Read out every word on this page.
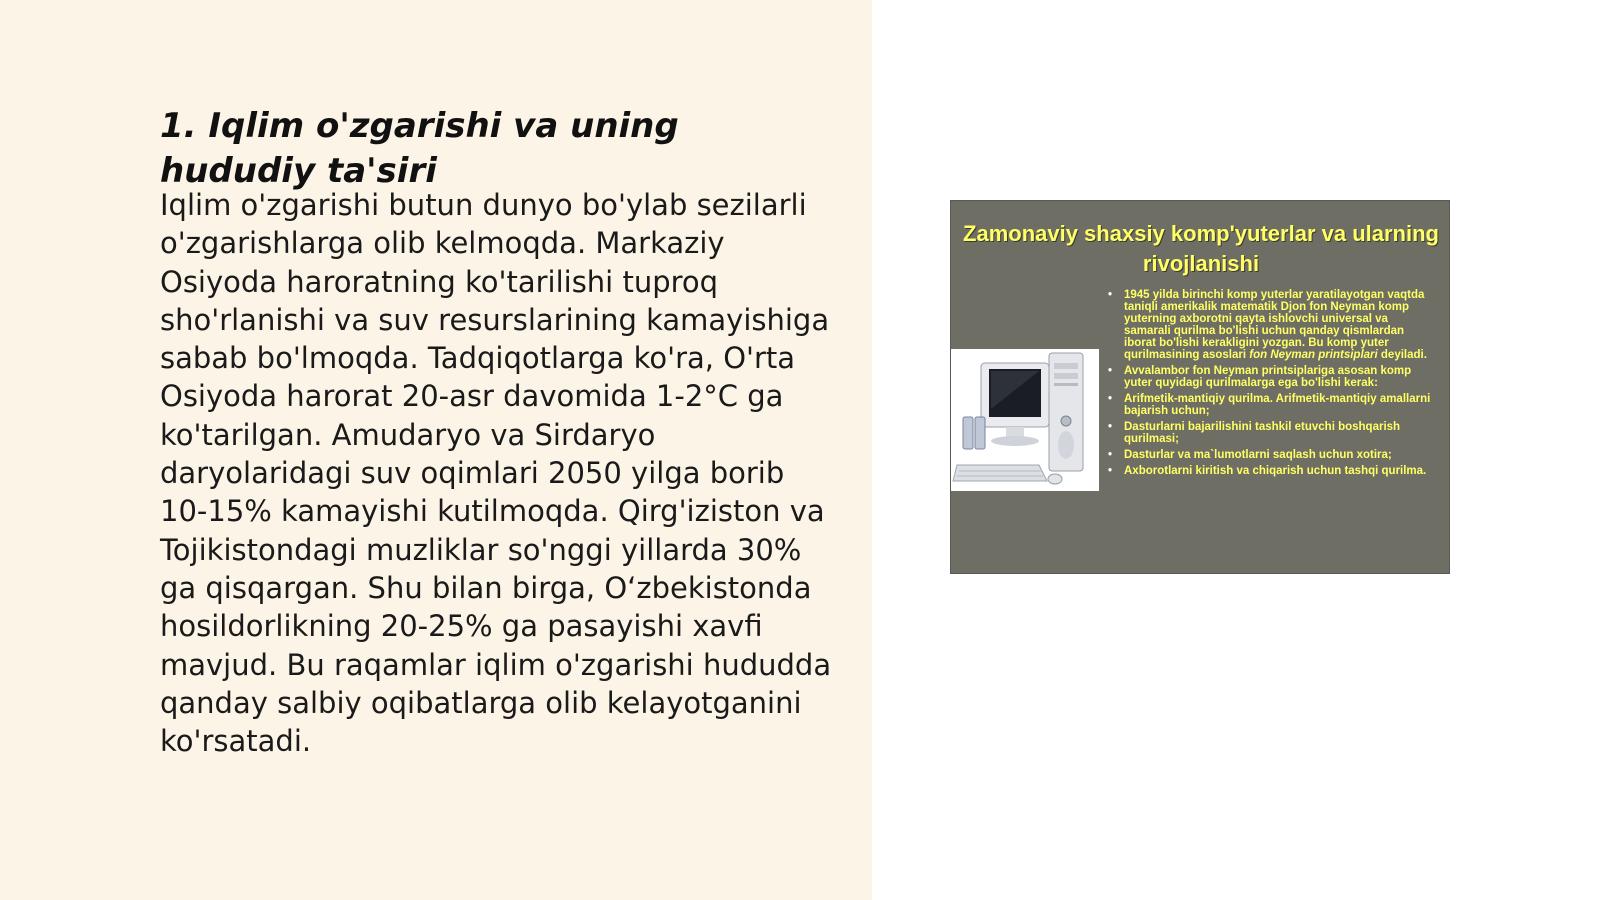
1. Iqlim o'zgarishi va uning hududiy ta'siri

Iqlim o'zgarishi butun dunyo bo'ylab sezilarli o'zgarishlarga olib kelmoqda. Markaziy Osiyoda haroratning ko'tarilishi tuproq sho'rlanishi va suv resurslarining kamayishiga sabab bo'lmoqda. Tadqiqotlarga ko'ra, O'rta Osiyoda harorat 20-asr davomida 1-2°C ga ko'tarilgan. Amudaryo va Sirdaryo daryolaridagi suv oqimlari 2050 yilga borib 10-15% kamayishi kutilmoqda. Qirg'iziston va Tojikistondagi muzliklar so'nggi yillarda 30% ga qisqargan. Shu bilan birga, O‘zbekistonda hosildorlikning 20-25% ga pasayishi xavfi mavjud. Bu raqamlar iqlim o'zgarishi hududda qanday salbiy oqibatlarga olib kelayotganini ko'rsatadi.

Zamonaviy shaxsiy komp'yuterlar va ularning rivojlanishi
• 1945 yilda birinchi komp yuterlar yaratilayotgan vaqtda taniqli amerikalik matematik Djon fon Neyman komp yuterning axborotni qayta ishlovchi universal va samarali qurilma bo'lishi uchun qanday qismlardan iborat bo'lishi kerakligini yozgan. Bu komp yuter qurilmasining asoslari fon Neyman printsiplari deyiladi.
• Avvalambor fon Neyman printsiplariga asosan komp yuter quyidagi qurilmalarga ega bo'lishi kerak:
• Arifmetik-mantiqiy qurilma. Arifmetik-mantiqiy amallarni bajarish uchun;
• Dasturlarni bajarilishini tashkil etuvchi boshqarish qurilmasi;
• Dasturlar va ma`lumotlarni saqlash uchun xotira;
• Axborotlarni kiritish va chiqarish uchun tashqi qurilma.
